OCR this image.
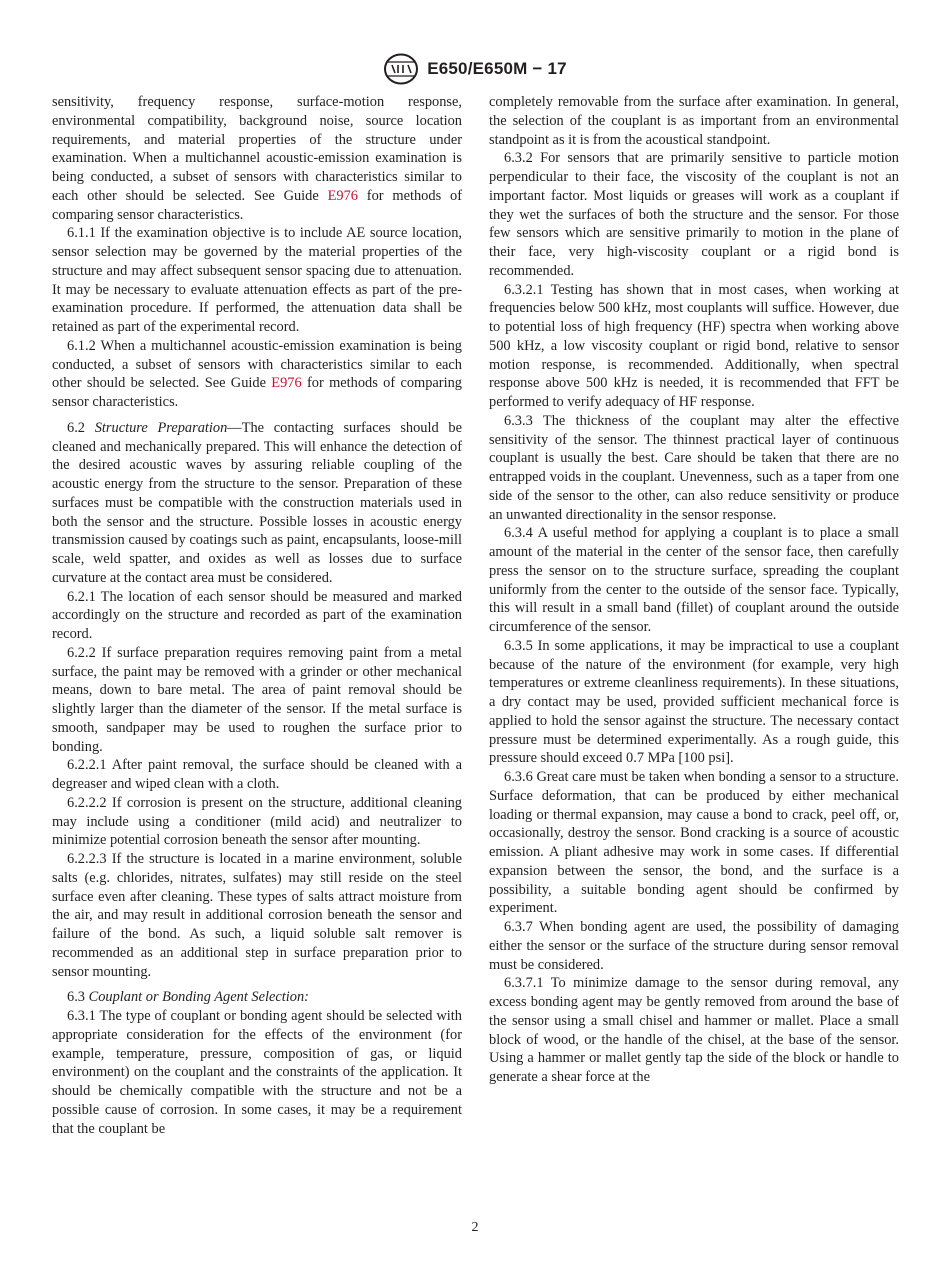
E650/E650M − 17

sensitivity, frequency response, surface-motion response, environmental compatibility, background noise, source location requirements, and material properties of the structure under examination. When a multichannel acoustic-emission examination is being conducted, a subset of sensors with characteristics similar to each other should be selected. See Guide E976 for methods of comparing sensor characteristics.

6.1.1 If the examination objective is to include AE source location, sensor selection may be governed by the material properties of the structure and may affect subsequent sensor spacing due to attenuation. It may be necessary to evaluate attenuation effects as part of the pre-examination procedure. If performed, the attenuation data shall be retained as part of the experimental record.

6.1.2 When a multichannel acoustic-emission examination is being conducted, a subset of sensors with characteristics similar to each other should be selected. See Guide E976 for methods of comparing sensor characteristics.

6.2 Structure Preparation—The contacting surfaces should be cleaned and mechanically prepared. This will enhance the detection of the desired acoustic waves by assuring reliable coupling of the acoustic energy from the structure to the sensor. Preparation of these surfaces must be compatible with the construction materials used in both the sensor and the structure. Possible losses in acoustic energy transmission caused by coatings such as paint, encapsulants, loose-mill scale, weld spatter, and oxides as well as losses due to surface curvature at the contact area must be considered.

6.2.1 The location of each sensor should be measured and marked accordingly on the structure and recorded as part of the examination record.

6.2.2 If surface preparation requires removing paint from a metal surface, the paint may be removed with a grinder or other mechanical means, down to bare metal. The area of paint removal should be slightly larger than the diameter of the sensor. If the metal surface is smooth, sandpaper may be used to roughen the surface prior to bonding.

6.2.2.1 After paint removal, the surface should be cleaned with a degreaser and wiped clean with a cloth.

6.2.2.2 If corrosion is present on the structure, additional cleaning may include using a conditioner (mild acid) and neutralizer to minimize potential corrosion beneath the sensor after mounting.

6.2.2.3 If the structure is located in a marine environment, soluble salts (e.g. chlorides, nitrates, sulfates) may still reside on the steel surface even after cleaning. These types of salts attract moisture from the air, and may result in additional corrosion beneath the sensor and failure of the bond. As such, a liquid soluble salt remover is recommended as an additional step in surface preparation prior to sensor mounting.

6.3 Couplant or Bonding Agent Selection:

6.3.1 The type of couplant or bonding agent should be selected with appropriate consideration for the effects of the environment (for example, temperature, pressure, composition of gas, or liquid environment) on the couplant and the constraints of the application. It should be chemically compatible with the structure and not be a possible cause of corrosion. In some cases, it may be a requirement that the couplant be

completely removable from the surface after examination. In general, the selection of the couplant is as important from an environmental standpoint as it is from the acoustical standpoint.

6.3.2 For sensors that are primarily sensitive to particle motion perpendicular to their face, the viscosity of the couplant is not an important factor. Most liquids or greases will work as a couplant if they wet the surfaces of both the structure and the sensor. For those few sensors which are sensitive primarily to motion in the plane of their face, very high-viscosity couplant or a rigid bond is recommended.

6.3.2.1 Testing has shown that in most cases, when working at frequencies below 500 kHz, most couplants will suffice. However, due to potential loss of high frequency (HF) spectra when working above 500 kHz, a low viscosity couplant or rigid bond, relative to sensor motion response, is recommended. Additionally, when spectral response above 500 kHz is needed, it is recommended that FFT be performed to verify adequacy of HF response.

6.3.3 The thickness of the couplant may alter the effective sensitivity of the sensor. The thinnest practical layer of continuous couplant is usually the best. Care should be taken that there are no entrapped voids in the couplant. Unevenness, such as a taper from one side of the sensor to the other, can also reduce sensitivity or produce an unwanted directionality in the sensor response.

6.3.4 A useful method for applying a couplant is to place a small amount of the material in the center of the sensor face, then carefully press the sensor on to the structure surface, spreading the couplant uniformly from the center to the outside of the sensor face. Typically, this will result in a small band (fillet) of couplant around the outside circumference of the sensor.

6.3.5 In some applications, it may be impractical to use a couplant because of the nature of the environment (for example, very high temperatures or extreme cleanliness requirements). In these situations, a dry contact may be used, provided sufficient mechanical force is applied to hold the sensor against the structure. The necessary contact pressure must be determined experimentally. As a rough guide, this pressure should exceed 0.7 MPa [100 psi].

6.3.6 Great care must be taken when bonding a sensor to a structure. Surface deformation, that can be produced by either mechanical loading or thermal expansion, may cause a bond to crack, peel off, or, occasionally, destroy the sensor. Bond cracking is a source of acoustic emission. A pliant adhesive may work in some cases. If differential expansion between the sensor, the bond, and the surface is a possibility, a suitable bonding agent should be confirmed by experiment.

6.3.7 When bonding agent are used, the possibility of damaging either the sensor or the surface of the structure during sensor removal must be considered.

6.3.7.1 To minimize damage to the sensor during removal, any excess bonding agent may be gently removed from around the base of the sensor using a small chisel and hammer or mallet. Place a small block of wood, or the handle of the chisel, at the base of the sensor. Using a hammer or mallet gently tap the side of the block or handle to generate a shear force at the

2
